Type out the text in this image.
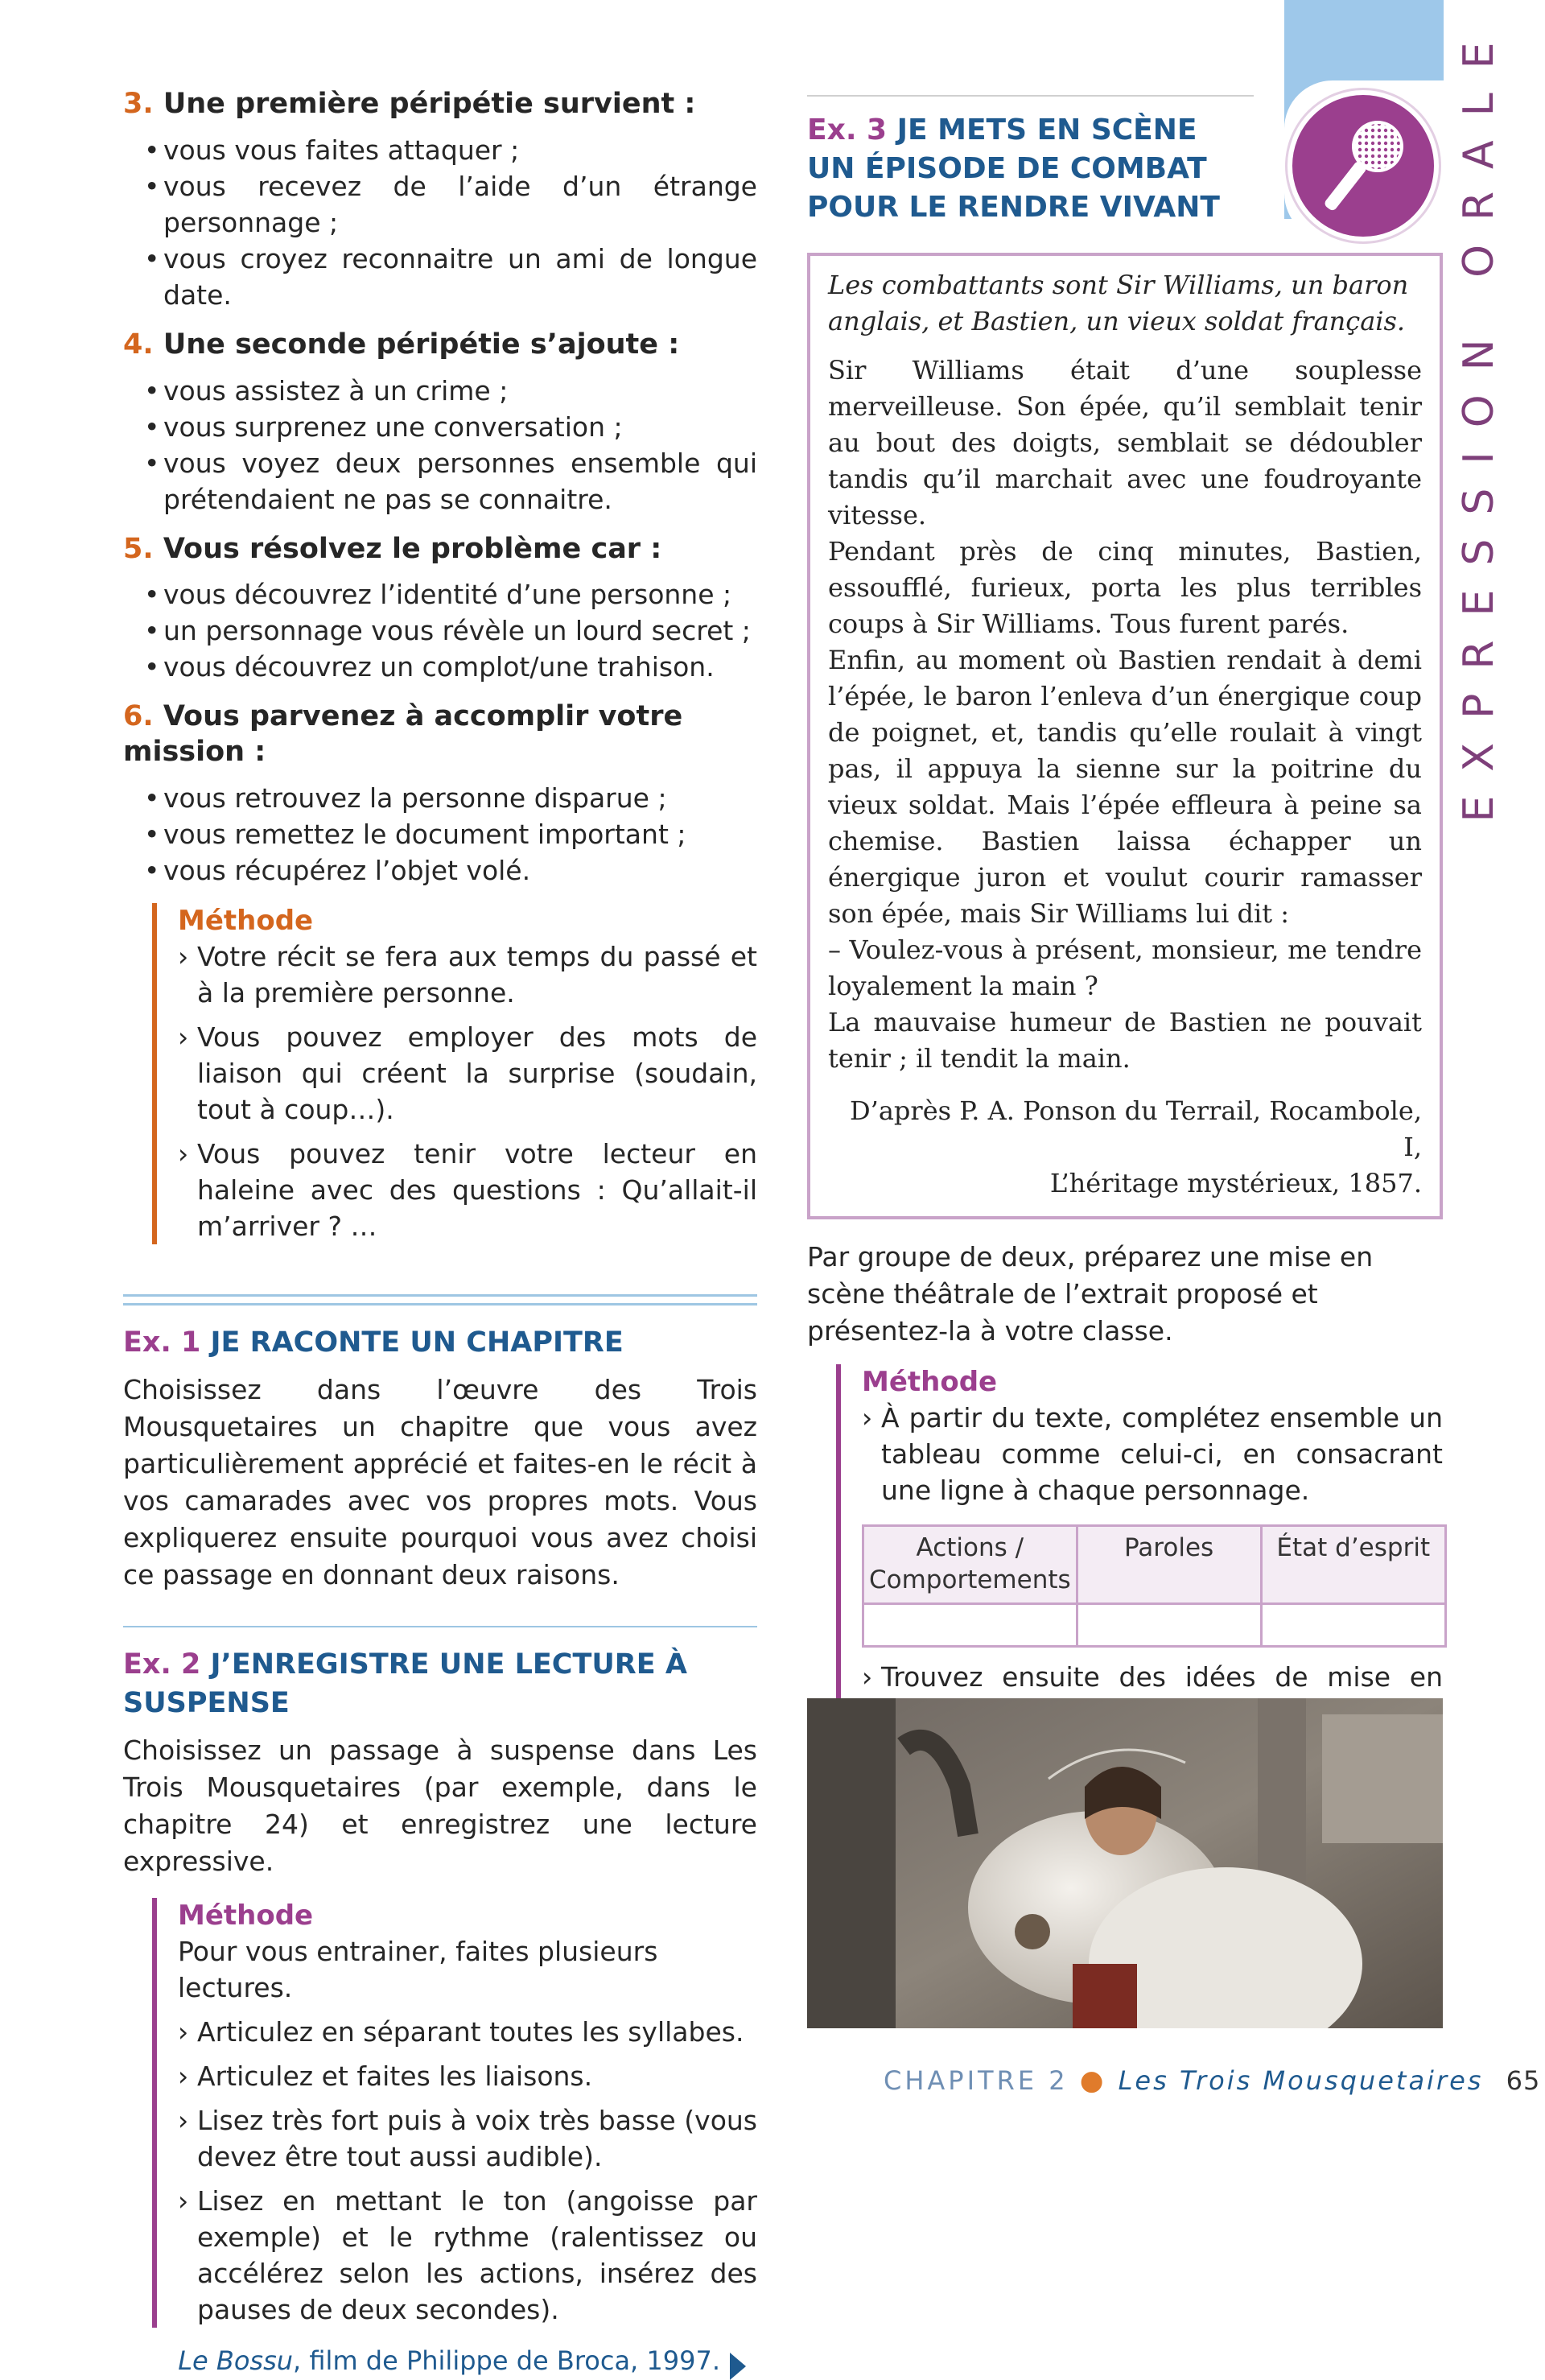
EXPRESSION ORALE
3. Une première péripétie survient :
• vous vous faites attaquer ;
• vous recevez de l’aide d’un étrange personnage ;
• vous croyez reconnaitre un ami de longue date.
4. Une seconde péripétie s’ajoute :
• vous assistez à un crime ;
• vous surprenez une conversation ;
• vous voyez deux personnes ensemble qui prétendaient ne pas se connaitre.
5. Vous résolvez le problème car :
• vous découvrez l’identité d’une personne ;
• un personnage vous révèle un lourd secret ;
• vous découvrez un complot/une trahison.
6. Vous parvenez à accomplir votre mission :
• vous retrouvez la personne disparue ;
• vous remettez le document important ;
• vous récupérez l’objet volé.
Méthode
› Votre récit se fera aux temps du passé et à la première personne.
› Vous pouvez employer des mots de liaison qui créent la surprise (soudain, tout à coup…).
› Vous pouvez tenir votre lecteur en haleine avec des questions : Qu’allait-il m’arriver ? …
Ex. 1 JE RACONTE UN CHAPITRE
Choisissez dans l’œuvre des Trois Mousquetaires un chapitre que vous avez particulièrement apprécié et faites-en le récit à vos camarades avec vos propres mots. Vous expliquerez ensuite pourquoi vous avez choisi ce passage en donnant deux raisons.
Ex. 2 J’ENREGISTRE UNE LECTURE À SUSPENSE
Choisissez un passage à suspense dans Les Trois Mousquetaires (par exemple, dans le chapitre 24) et enregistrez une lecture expressive.
Méthode
Pour vous entrainer, faites plusieurs lectures.
› Articulez en séparant toutes les syllabes.
› Articulez et faites les liaisons.
› Lisez très fort puis à voix très basse (vous devez être tout aussi audible).
› Lisez en mettant le ton (angoisse par exemple) et le rythme (ralentissez ou accélérez selon les actions, insérez des pauses de deux secondes).
Le Bossu, film de Philippe de Broca, 1997.
Ex. 3 JE METS EN SCÈNE UN ÉPISODE DE COMBAT POUR LE RENDRE VIVANT
Les combattants sont Sir Williams, un baron anglais, et Bastien, un vieux soldat français.

Sir Williams était d’une souplesse merveilleuse. Son épée, qu’il semblait tenir au bout des doigts, semblait se dédoubler tandis qu’il marchait avec une foudroyante vitesse.

Pendant près de cinq minutes, Bastien, essoufflé, furieux, porta les plus terribles coups à Sir Williams. Tous furent parés.

Enfin, au moment où Bastien rendait à demi l’épée, le baron l’enleva d’un énergique coup de poignet, et, tandis qu’elle roulait à vingt pas, il appuya la sienne sur la poitrine du vieux soldat. Mais l’épée effleura à peine sa chemise. Bastien laissa échapper un énergique juron et voulut courir ramasser son épée, mais Sir Williams lui dit :

– Voulez-vous à présent, monsieur, me tendre loyalement la main ?

La mauvaise humeur de Bastien ne pouvait tenir ; il tendit la main.

D’après P. A. Ponson du Terrail, Rocambole, I,
L’héritage mystérieux, 1857.
Par groupe de deux, préparez une mise en scène théâtrale de l’extrait proposé et présentez-la à votre classe.
Méthode
› À partir du texte, complétez ensemble un tableau comme celui-ci, en consacrant une ligne à chaque personnage.
Actions / Comportements	Paroles	État d’esprit

› Trouvez ensuite des idées de mise en
›
CHAPITRE 2 ● Les Trois Mousquetaires 65
